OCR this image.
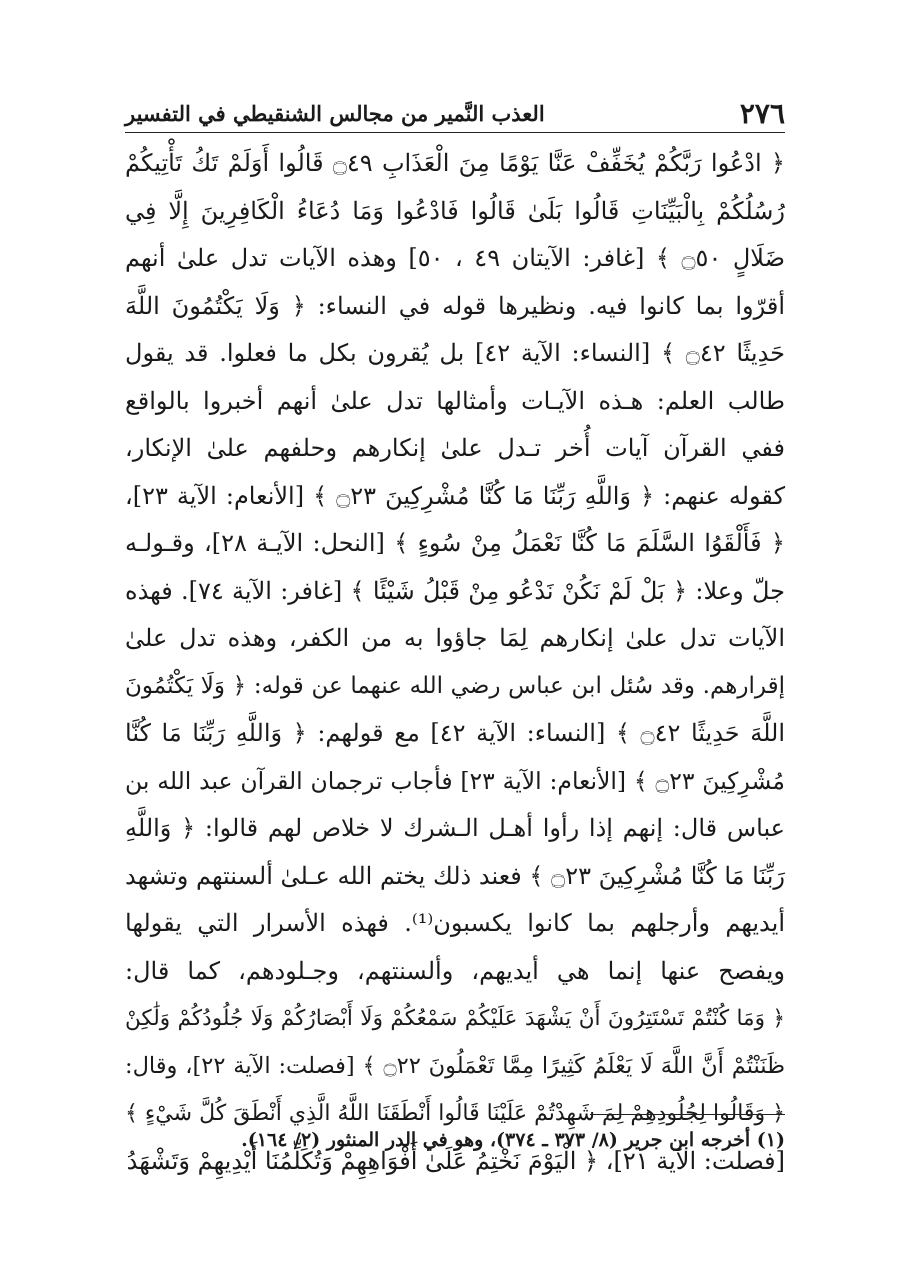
٢٧٦
العذب النَّمير من مجالس الشنقيطي في التفسير
﴿ ادْعُوا رَبَّكُمْ يُخَفِّفْ عَنَّا يَوْمًا مِنَ الْعَذَابِ ۝٤٩ قَالُوا أَوَلَمْ تَكُ تَأْتِيكُمْ
رُسُلُكُمْ بِالْبَيِّنَاتِ قَالُوا بَلَىٰ قَالُوا فَادْعُوا وَمَا دُعَاءُ الْكَافِرِينَ إِلَّا فِي
ضَلَالٍ ۝٥٠ ﴾ [غافر: الآيتان ٤٩ ، ٥٠] وهذه الآيات تدل علىٰ أنهم
أقرّوا بما كانوا فيه. ونظيرها قوله في النساء: ﴿ وَلَا يَكْتُمُونَ اللَّهَ
حَدِيثًا ۝٤٢ ﴾ [النساء: الآية ٤٢] بل يُقرون بكل ما فعلوا. قد يقول
طالب العلم: هـذه الآيـات وأمثالها تدل علىٰ أنهم أخبروا بالواقع
ففي القرآن آيات أُخر تـدل علىٰ إنكارهم وحلفهم علىٰ الإنكار،
كقوله عنهم: ﴿ وَاللَّهِ رَبِّنَا مَا كُنَّا مُشْرِكِينَ ۝٢٣ ﴾ [الأنعام: الآية ٢٣]،
﴿ فَأَلْقَوُا السَّلَمَ مَا كُنَّا نَعْمَلُ مِنْ سُوءٍ ﴾ [النحل: الآيـة ٢٨]، وقـولـه
جلّ وعلا: ﴿ بَلْ لَمْ نَكُنْ نَدْعُو مِنْ قَبْلُ شَيْئًا ﴾ [غافر: الآية ٧٤]. فهذه
الآيات تدل علىٰ إنكارهم لِمَا جاؤوا به من الكفر، وهذه تدل علىٰ
إقرارهم. وقد سُئل ابن عباس رضي الله عنهما عن قوله: ﴿ وَلَا يَكْتُمُونَ
اللَّهَ حَدِيثًا ۝٤٢ ﴾ [النساء: الآية ٤٢] مع قولهم: ﴿ وَاللَّهِ رَبِّنَا مَا كُنَّا
مُشْرِكِينَ ۝٢٣ ﴾ [الأنعام: الآية ٢٣] فأجاب ترجمان القرآن عبد الله بن
عباس قال: إنهم إذا رأوا أهـل الـشرك لا خلاص لهم قالوا: ﴿ وَاللَّهِ
رَبِّنَا مَا كُنَّا مُشْرِكِينَ ۝٢٣ ﴾ فعند ذلك يختم الله عـلىٰ ألسنتهم وتشهد
أيديهم وأرجلهم بما كانوا يكسبون⁽¹⁾. فهذه الأسرار التي يقولها
ويفصح عنها إنما هي أيديهم، وألسنتهم، وجـلودهم، كما قال:
﴿ وَمَا كُنْتُمْ تَسْتَتِرُونَ أَنْ يَشْهَدَ عَلَيْكُمْ سَمْعُكُمْ وَلَا أَبْصَارُكُمْ وَلَا جُلُودُكُمْ وَلَٰكِنْ
ظَنَنْتُمْ أَنَّ اللَّهَ لَا يَعْلَمُ كَثِيرًا مِمَّا تَعْمَلُونَ ۝٢٢ ﴾ [فصلت: الآية ٢٢]، وقال:
﴿ وَقَالُوا لِجُلُودِهِمْ لِمَ شَهِدْتُمْ عَلَيْنَا قَالُوا أَنْطَقَنَا اللَّهُ الَّذِي أَنْطَقَ كُلَّ شَيْءٍ ﴾
[فصلت: الآية ٢١]، ﴿ الْيَوْمَ نَخْتِمُ عَلَىٰ أَفْوَاهِهِمْ وَتُكَلِّمُنَا أَيْدِيهِمْ وَتَشْهَدُ
(١) أخرجه ابن جرير (٨/ ٣٧٣ ـ ٣٧٤)، وهو في الدر المنثور (٢/ ١٦٤).
